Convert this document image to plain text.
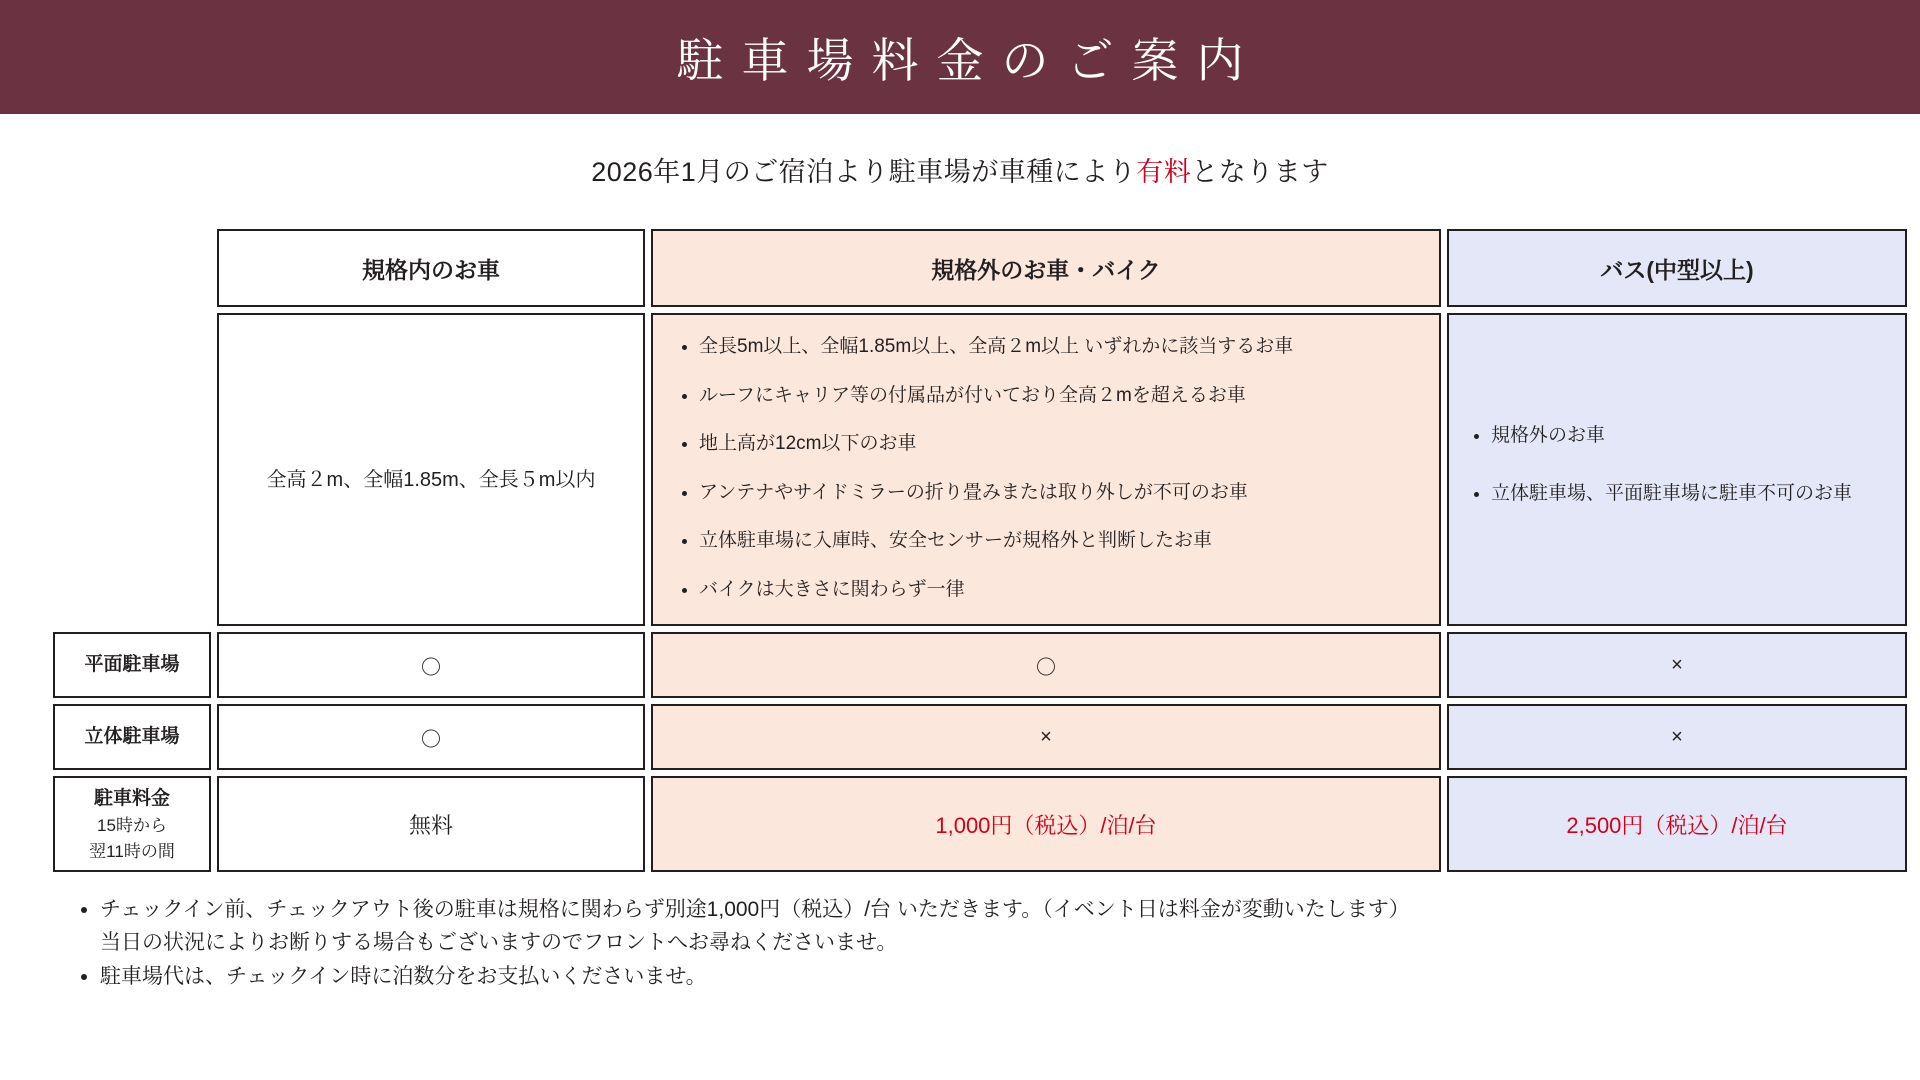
駐車場料金のご案内
2026年1月のご宿泊より駐車場が車種により有料となります
	規格内のお車	規格外のお車・バイク	バス(中型以上)

全高２m、全幅1.85m、全長５m以内

• 全長5m以上、全幅1.85m以上、全高２m以上 いずれかに該当するお車
• ルーフにキャリア等の付属品が付いており全高２mを超えるお車
• 地上高が12cm以下のお車
• アンテナやサイドミラーの折り畳みまたは取り外しが不可のお車
• 立体駐車場に入庫時、安全センサーが規格外と判断したお車
• バイクは大きさに関わらず一律

• 規格外のお車
• 立体駐車場、平面駐車場に駐車不可のお車

平面駐車場	〇	〇	×
立体駐車場	〇	×	×
駐車料金
15時から
翌11時の間	無料	1,000円（税込）/泊/台	2,500円（税込）/泊/台
• チェックイン前、チェックアウト後の駐車は規格に関わらず別途1,000円（税込）/台 いただきます。（イベント日は料金が変動いたします）
当日の状況によりお断りする場合もございますのでフロントへお尋ねくださいませ。
• 駐車場代は、チェックイン時に泊数分をお支払いくださいませ。
